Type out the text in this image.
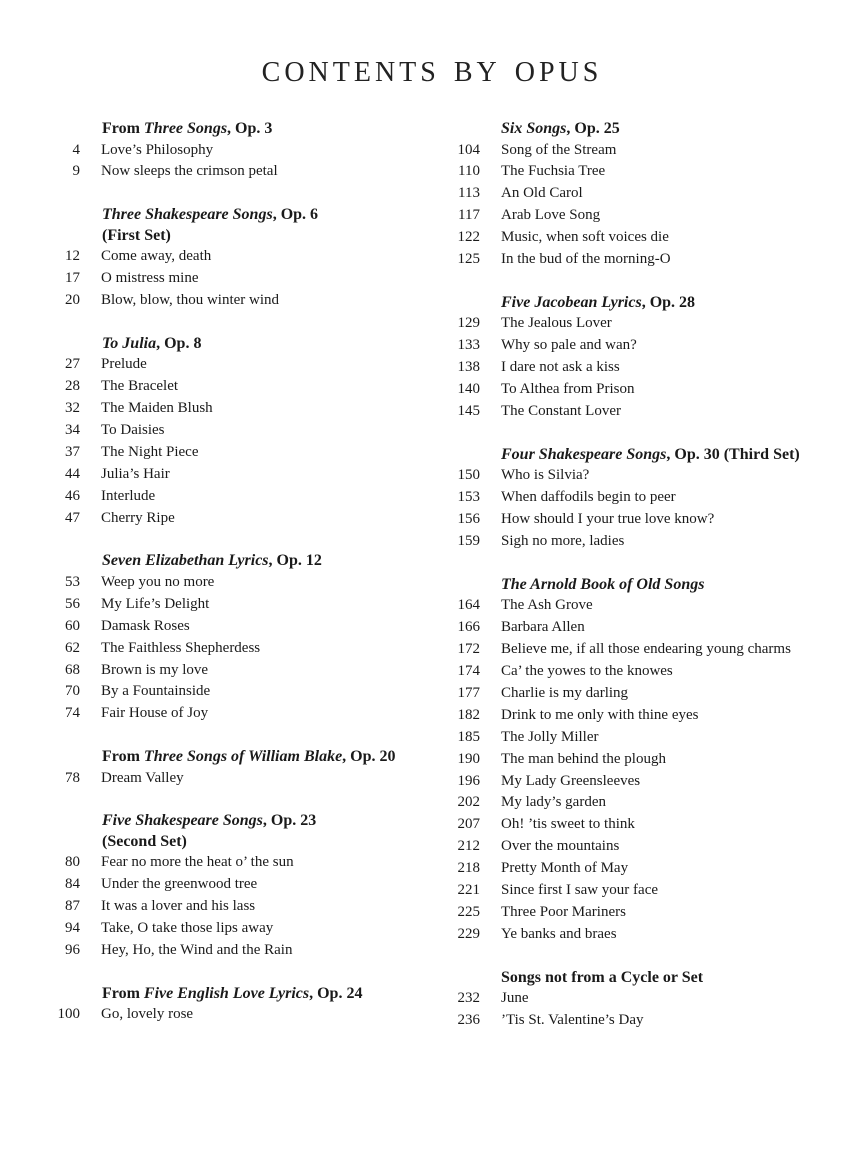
contents by opus
From Three Songs, Op. 3
4 Love’s Philosophy
9 Now sleeps the crimson petal
Three Shakespeare Songs, Op. 6
(First Set)
12 Come away, death
17 O mistress mine
20 Blow, blow, thou winter wind
To Julia, Op. 8
27 Prelude
28 The Bracelet
32 The Maiden Blush
34 To Daisies
37 The Night Piece
44 Julia’s Hair
46 Interlude
47 Cherry Ripe
Seven Elizabethan Lyrics, Op. 12
53 Weep you no more
56 My Life’s Delight
60 Damask Roses
62 The Faithless Shepherdess
68 Brown is my love
70 By a Fountainside
74 Fair House of Joy
From Three Songs of William Blake, Op. 20
78 Dream Valley
Five Shakespeare Songs, Op. 23
(Second Set)
80 Fear no more the heat o’ the sun
84 Under the greenwood tree
87 It was a lover and his lass
94 Take, O take those lips away
96 Hey, Ho, the Wind and the Rain
From Five English Love Lyrics, Op. 24
100 Go, lovely rose
Six Songs, Op. 25
104 Song of the Stream
110 The Fuchsia Tree
113 An Old Carol
117 Arab Love Song
122 Music, when soft voices die
125 In the bud of the morning-O
Five Jacobean Lyrics, Op. 28
129 The Jealous Lover
133 Why so pale and wan?
138 I dare not ask a kiss
140 To Althea from Prison
145 The Constant Lover
Four Shakespeare Songs, Op. 30 (Third Set)
150 Who is Silvia?
153 When daffodils begin to peer
156 How should I your true love know?
159 Sigh no more, ladies
The Arnold Book of Old Songs
164 The Ash Grove
166 Barbara Allen
172 Believe me, if all those endearing young charms
174 Ca’ the yowes to the knowes
177 Charlie is my darling
182 Drink to me only with thine eyes
185 The Jolly Miller
190 The man behind the plough
196 My Lady Greensleeves
202 My lady’s garden
207 Oh! ’tis sweet to think
212 Over the mountains
218 Pretty Month of May
221 Since first I saw your face
225 Three Poor Mariners
229 Ye banks and braes
Songs not from a Cycle or Set
232 June
236 ’Tis St. Valentine’s Day
